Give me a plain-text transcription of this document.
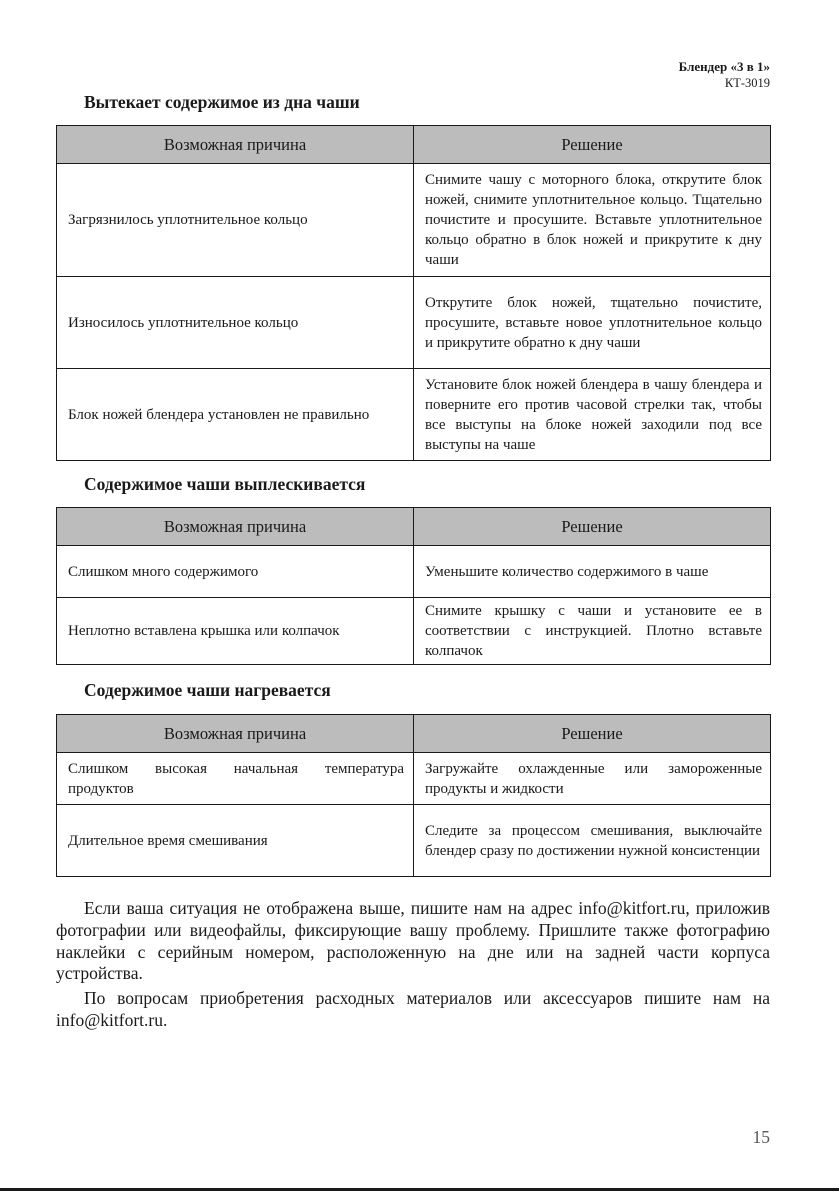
Блендер «3 в 1»
КТ-3019
Вытекает содержимое из дна чаши
Возможная причина	Решение
Загрязнилось уплотнительное кольцо	Снимите чашу с моторного блока, открутите блок ножей, снимите уплотнительное кольцо. Тщательно почистите и просушите. Вставьте уплотнительное кольцо обратно в блок ножей и прикрутите к дну чаши
Износилось уплотнительное кольцо	Открутите блок ножей, тщательно почистите, просушите, вставьте новое уплотнительное кольцо и прикрутите обратно к дну чаши
Блок ножей блендера установлен не правильно	Установите блок ножей блендера в чашу блендера и поверните его против часовой стрелки так, чтобы все выступы на блоке ножей заходили под все выступы на чаше
Содержимое чаши выплескивается
Возможная причина	Решение
Слишком много содержимого	Уменьшите количество содержимого в чаше
Неплотно вставлена крышка или колпачок	Снимите крышку с чаши и установите ее в соответствии с инструкцией. Плотно вставьте колпачок
Содержимое чаши нагревается
Возможная причина	Решение
Слишком высокая начальная температура продуктов	Загружайте охлажденные или замороженные продукты и жидкости
Длительное время смешивания	Следите за процессом смешивания, выключайте блендер сразу по достижении нужной консистенции
Если ваша ситуация не отображена выше, пишите нам на адрес info@kitfort.ru, приложив фотографии или видеофайлы, фиксирующие вашу проблему. Пришлите также фотографию наклейки с серийным номером, расположенную на дне или на задней части корпуса устройства.
По вопросам приобретения расходных материалов или аксессуаров пишите нам на info@kitfort.ru.
15
